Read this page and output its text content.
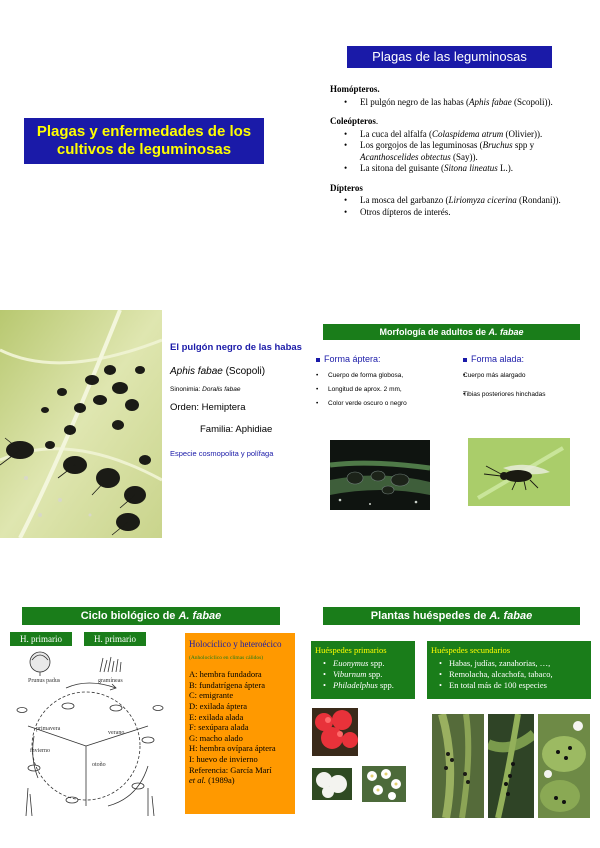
Plagas y enfermedades de los cultivos de leguminosas
Plagas de las leguminosas
Homópteros.
• El pulgón negro de las habas (Aphis fabae (Scopoli)).
Coleópteros.
• La cuca del alfalfa (Colaspidema atrum (Olivier)).
• Los gorgojos de las leguminosas (Bruchus spp y Acanthoscelides obtectus (Say)).
• La sitona del guisante (Sitona lineatus L.).
Dípteros
• La mosca del garbanzo (Liriomyza cicerina (Rondani)).
• Otros dípteros de interés.
El pulgón negro de las habas
Aphis fabae (Scopoli)
Sinonimia: Doralis fabae
Orden: Hemiptera
Familia: Aphidiae
Especie cosmopolita y polífaga
Morfología de adultos de A. fabae
Forma áptera:
• Cuerpo de forma globosa,
• Longitud de aprox. 2 mm,
• Color verde oscuro o negro
Forma alada:
• Cuerpo más alargado
• Tibias posteriores hinchadas
Ciclo biológico de A. fabae	Plantas huéspedes de A. fabae
H. primario	H. primario
Prunus padus	gramíneas
primavera
verano
invierno
otoño
Holocíclico y heteroécico
(Anholocíclico en climas cálidos)
A: hembra fundadora
B: fundatrígena áptera
C: emigrante
D: exilada áptera
E: exilada alada
F: sexúpara alada
G: macho alado
H: hembra ovípara áptera
I: huevo de invierno
Referencia: García Marí
et al. (1989a)
Huéspedes primarios
• Euonymus spp.
• Viburnum spp.
• Philadelphus spp.
Huéspedes secundarios
• Habas, judías, zanahorias, …,
• Remolacha, alcachofa, tabaco,
• En total más de 100 especies
